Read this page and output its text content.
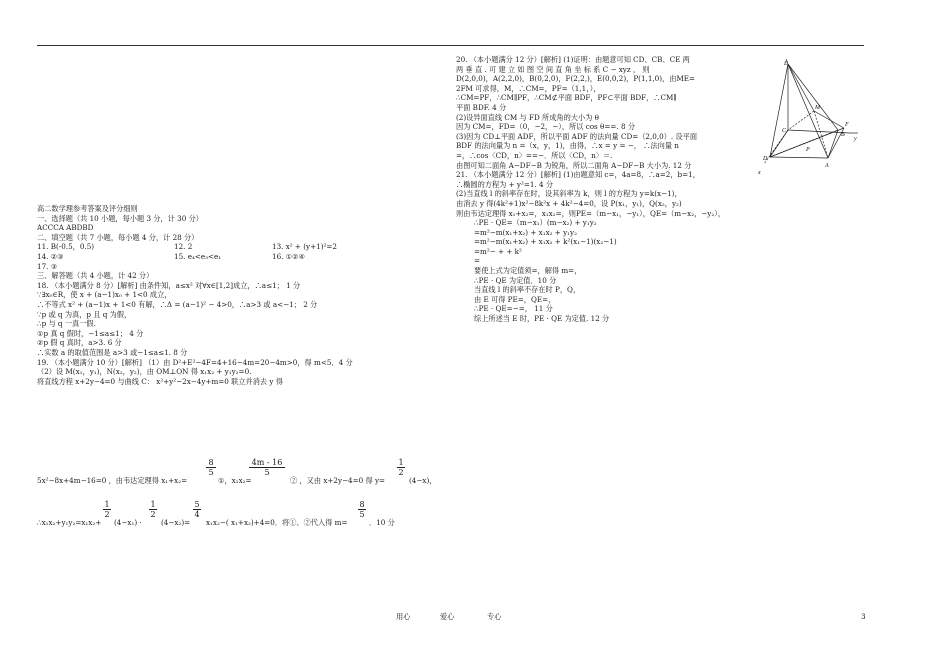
高二数学理参考答案及评分细则
一、选择题（共 10 小题，每小题 3 分，计 30 分）
ACCCA ABDBD
二、填空题（共 7 小题，每小题 4 分，计 28 分）
11. B(-0.5，0.5)	12. 2	13. x² + (y+1)²=2
14. ②③	15. e₄<e₃<e₁	16. ①②④
17. ③
三、解答题（共 4 小题，计 42 分）
18. （本小题满分 8 分）[解析] 由条件知，a≤x² 对∀x∈[1,2]成立，∴a≤1； 1 分
∵∃x₀∈R，使 x + (a−1)x₀ + 1<0 成立，
∴不等式 x² + (a−1)x + 1<0 有解，∴Δ = (a−1)² − 4>0，∴a>3 或 a<−1； 2 分
∵p 或 q 为真，p 且 q 为假，
∴p 与 q 一真一假.
①p 真 q 假时，−1≤a≤1； 4 分
②p 假 q 真时，a>3. 6 分
∴实数 a 的取值范围是 a>3 或−1≤a≤1. 8 分
19. （本小题满分 10 分）[解析] （1）由 D²+E²−4F=4+16−4m=20−4m>0，得 m<5．4 分
（2）设 M(x₁，y₁)，N(x₂，y₂)，由 OM⊥ON 得 x₁x₂ + y₁y₂=0.
将直线方程 x+2y−4=0 与曲线 C： x²+y²−2x−4y+m=0 联立并消去 y 得
5x²−8x+4m−16=0 ，由韦达定理得 x₁+x₂=
8
5
①，x₁x₂=
4m - 16
5
② ，又由 x+2y−4=0 得 y=
1
2
(4−x)，
∴x₁x₂+y₁y₂=x₁x₂+
1
2
(4−x₁) ·
1
2
(4−x₂)=
5
4
x₁x₂−( x₁+x₂)+4=0．将①、②代入得 m=
8
5
．10 分
20. （本小题满分 12 分）[解析] (1)证明：由题意可知 CD、CB、CE 两
两 垂 直 . 可 建 立 如 图 空 间 直 角 坐 标 系 C − xyz ， 则
D(2,0,0)，A(2,2,0)，B(0,2,0)，F(2,2,)，E(0,0,2)，P(1,1,0)，由ME=
2FM 可求得，M，∴CM=，PF=（1,1，），
∴CM=PF，∴CM∥PF，∴CM⊄平面 BDF，PF⊂平面 BDF，∴CM∥
平面 BDF. 4 分
(2)设异面直线 CM 与 FD 所成角的大小为 θ
因为 CM=，FD=（0，−2，−），所以 cos θ==. 8 分
(3)因为 CD⊥平面 ADF，所以平面 ADF 的法向量 CD=（2,0,0）. 设平面
BDF 的法向量为 n =（x，y，1)，由得，∴x = y = −， ∴法向量 n
=，∴cos〈CD，n〉==−．所以〈CD，n〉＝.
由图可知二面角 A−DF−B 为锐角，所以二面角 A−DF−B 大小为. 12 分
21. （本小题满分 12 分）[解析] (1)由题意知 c=，4a=8，∴a=2，b=1，
∴椭圆的方程为 + y²=1. 4 分
(2)当直线 l 的斜率存在时，设其斜率为 k，则 l 的方程为 y=k(x−1)，
由消去 y 得(4k²+1)x²−8k²x + 4k²−4=0，设 P(x₁，y₁)，Q(x₂，y₂)
则由韦达定理得 x₁+x₂=，x₁x₂=，则PE=（m−x₁，−y₁），QE=（m−x₂，−y₂），
∴PE · QE=（m−x₁）(m−x₂) + y₁y₂
=m²−m(x₁+x₂) + x₁x₂ + y₁y₂
=m²−m(x₁+x₂) + x₁x₂ + k²(x₁−1)(x₂−1)
=m²− + + k²
=
要使上式为定值须=，解得 m=，
∴PE · QE 为定值．10 分
当直线 l 的斜率不存在时 P，Q，
由 E 可得 PE=，QE=，
∴PE · QE=−=， 11 分
综上所述当 E 时，PE · QE 为定值. 12 分
E
M
F
C
B
y
P
D
A
x
用心	爱心	专心	3
